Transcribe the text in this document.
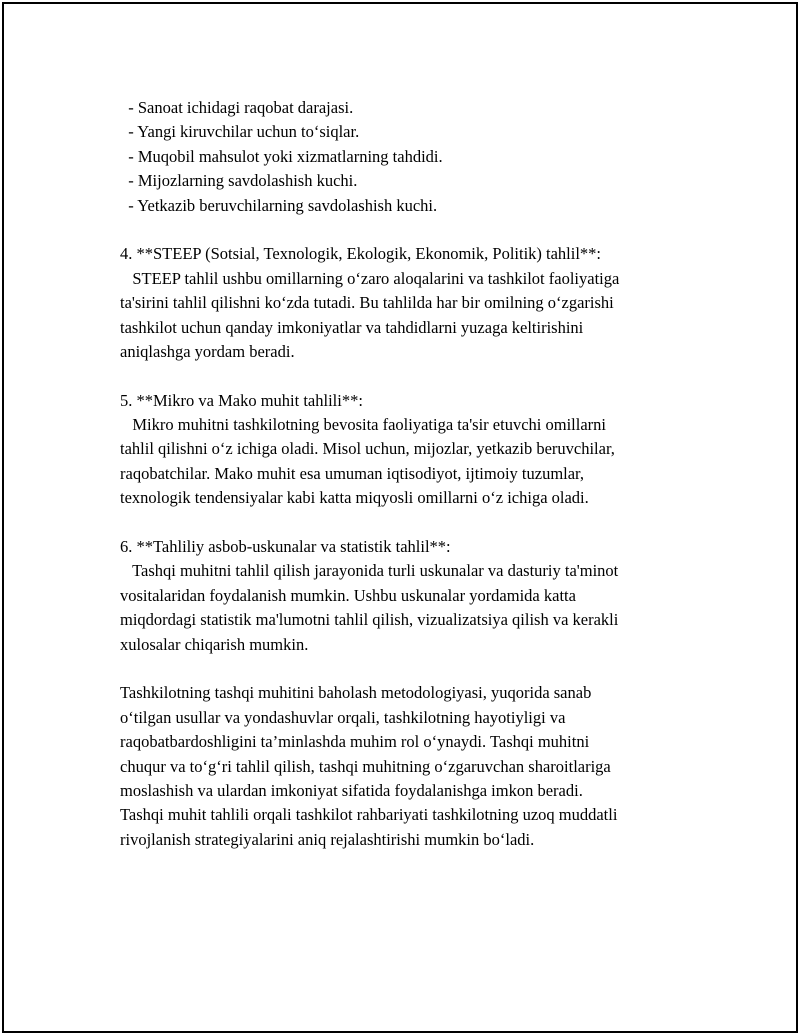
- Sanoat ichidagi raqobat darajasi.

- Yangi kiruvchilar uchun to‘siqlar.

- Muqobil mahsulot yoki xizmatlarning tahdidi.

- Mijozlarning savdolashish kuchi.

- Yetkazib beruvchilarning savdolashish kuchi.

4. **STEEP (Sotsial, Texnologik, Ekologik, Ekonomik, Politik) tahlil**:

STEEP tahlil ushbu omillarning o‘zaro aloqalarini va tashkilot faoliyatiga

ta'sirini tahlil qilishni ko‘zda tutadi. Bu tahlilda har bir omilning o‘zgarishi

tashkilot uchun qanday imkoniyatlar va tahdidlarni yuzaga keltirishini

aniqlashga yordam beradi.

5. **Mikro va Mako muhit tahlili**:

Mikro muhitni tashkilotning bevosita faoliyatiga ta'sir etuvchi omillarni

tahlil qilishni o‘z ichiga oladi. Misol uchun, mijozlar, yetkazib beruvchilar,

raqobatchilar. Mako muhit esa umuman iqtisodiyot, ijtimoiy tuzumlar,

texnologik tendensiyalar kabi katta miqyosli omillarni o‘z ichiga oladi.

6. **Tahliliy asbob-uskunalar va statistik tahlil**:

Tashqi muhitni tahlil qilish jarayonida turli uskunalar va dasturiy ta'minot

vositalaridan foydalanish mumkin. Ushbu uskunalar yordamida katta

miqdordagi statistik ma'lumotni tahlil qilish, vizualizatsiya qilish va kerakli

xulosalar chiqarish mumkin.

Tashkilotning tashqi muhitini baholash metodologiyasi, yuqorida sanab

o‘tilgan usullar va yondashuvlar orqali, tashkilotning hayotiyligi va

raqobatbardoshligini ta’minlashda muhim rol o‘ynaydi. Tashqi muhitni

chuqur va to‘g‘ri tahlil qilish, tashqi muhitning o‘zgaruvchan sharoitlariga

moslashish va ulardan imkoniyat sifatida foydalanishga imkon beradi.

Tashqi muhit tahlili orqali tashkilot rahbariyati tashkilotning uzoq muddatli

rivojlanish strategiyalarini aniq rejalashtirishi mumkin bo‘ladi.
